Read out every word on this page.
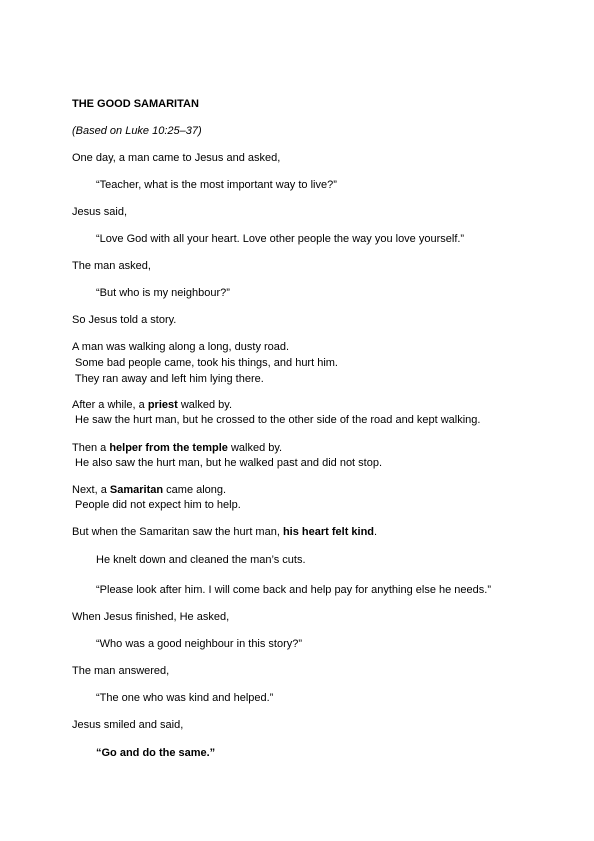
THE GOOD SAMARITAN
(Based on Luke 10:25–37)
One day, a man came to Jesus and asked,
“Teacher, what is the most important way to live?”
Jesus said,
“Love God with all your heart. Love other people the way you love yourself.”
The man asked,
“But who is my neighbour?”
So Jesus told a story.
A man was walking along a long, dusty road.
Some bad people came, took his things, and hurt him.
They ran away and left him lying there.
After a while, a priest walked by.
He saw the hurt man, but he crossed to the other side of the road and kept walking.
Then a helper from the temple walked by.
He also saw the hurt man, but he walked past and did not stop.
Next, a Samaritan came along.
People did not expect him to help.
But when the Samaritan saw the hurt man, his heart felt kind.
He knelt down and cleaned the man’s cuts.
“Please look after him. I will come back and help pay for anything else he needs.”
When Jesus finished, He asked,
“Who was a good neighbour in this story?”
The man answered,
“The one who was kind and helped.”
Jesus smiled and said,
“Go and do the same.”
